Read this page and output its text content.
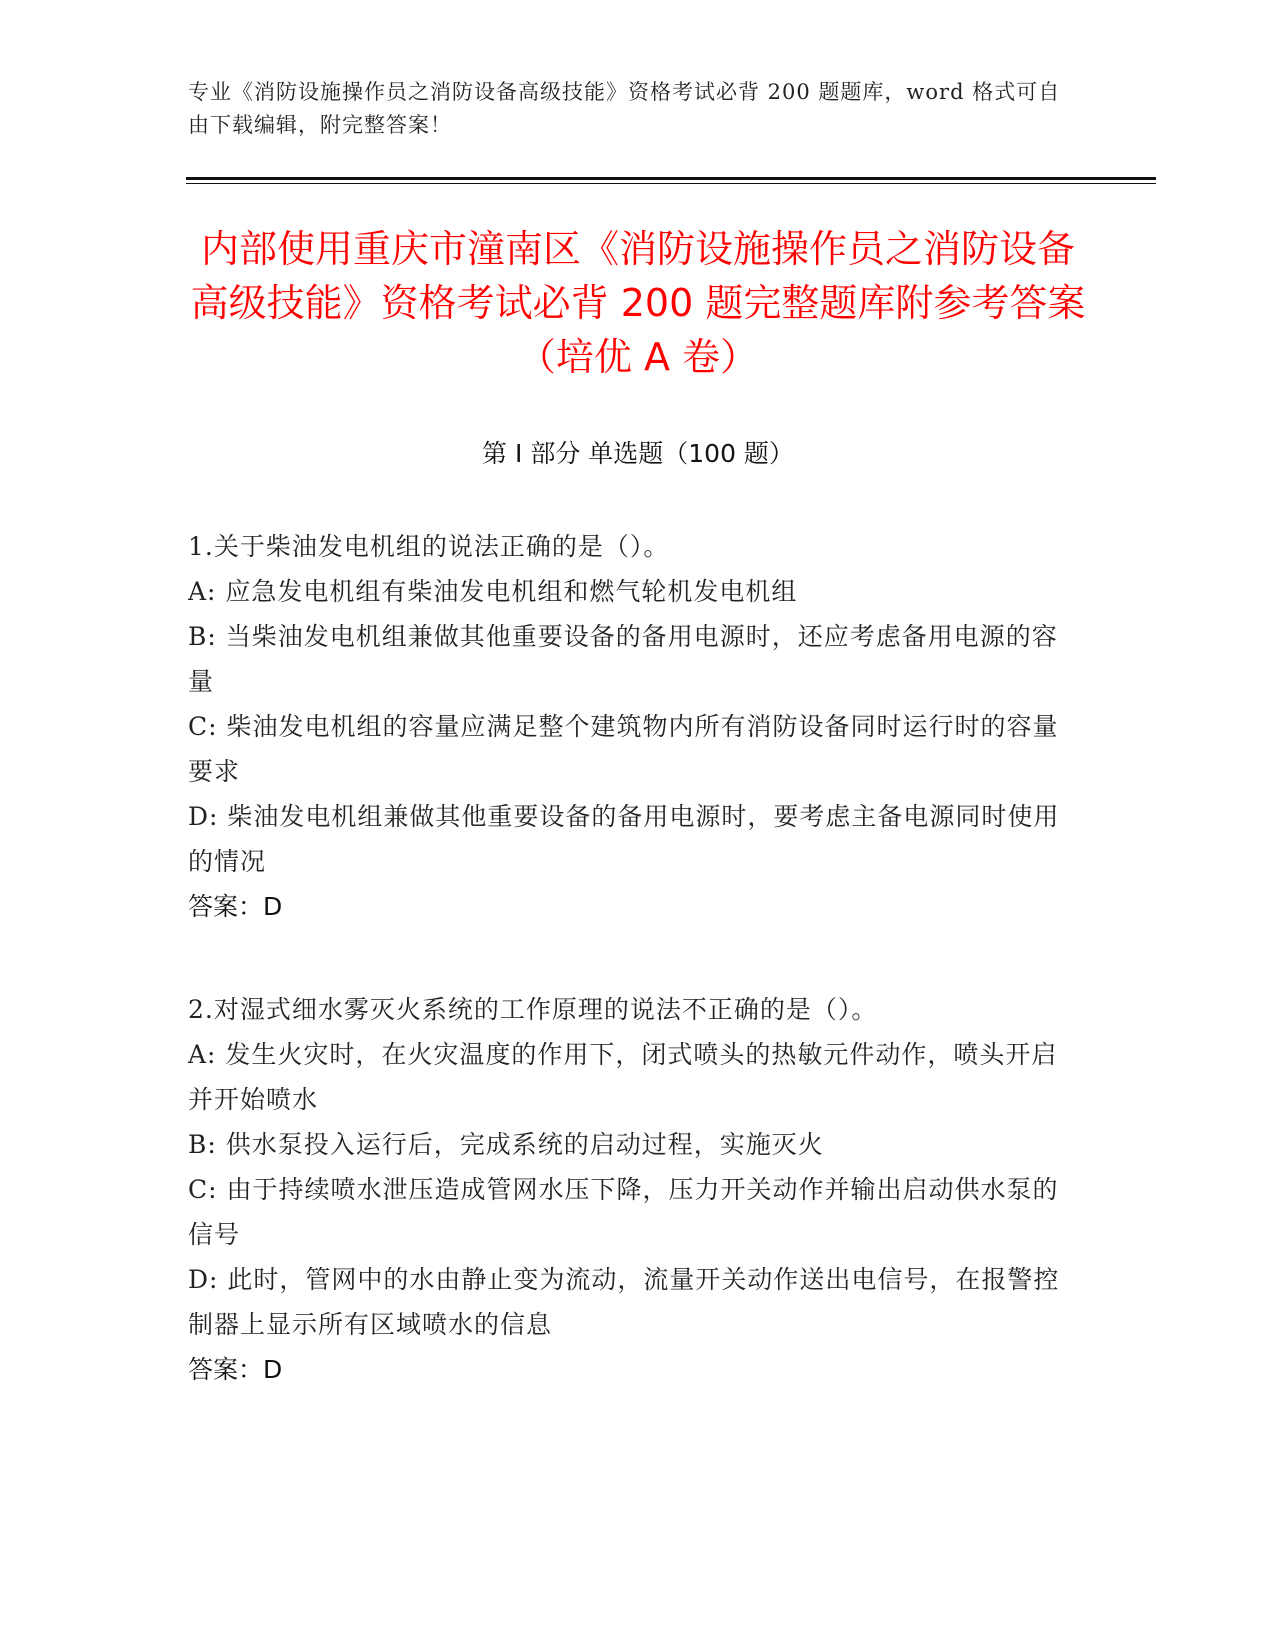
专业《消防设施操作员之消防设备高级技能》资格考试必背 200 题题库，word 格式可自由下载编辑，附完整答案！
内部使用重庆市潼南区《消防设施操作员之消防设备高级技能》资格考试必背 200 题完整题库附参考答案（培优 A 卷）
第 I 部分 单选题（100 题）
1.关于柴油发电机组的说法正确的是（）。
A: 应急发电机组有柴油发电机组和燃气轮机发电机组
B: 当柴油发电机组兼做其他重要设备的备用电源时，还应考虑备用电源的容量
C: 柴油发电机组的容量应满足整个建筑物内所有消防设备同时运行时的容量要求
D: 柴油发电机组兼做其他重要设备的备用电源时，要考虑主备电源同时使用的情况
答案：D
2.对湿式细水雾灭火系统的工作原理的说法不正确的是（）。
A: 发生火灾时，在火灾温度的作用下，闭式喷头的热敏元件动作，喷头开启并开始喷水
B: 供水泵投入运行后，完成系统的启动过程，实施灭火
C: 由于持续喷水泄压造成管网水压下降，压力开关动作并输出启动供水泵的信号
D: 此时，管网中的水由静止变为流动，流量开关动作送出电信号，在报警控制器上显示所有区域喷水的信息
答案：D
